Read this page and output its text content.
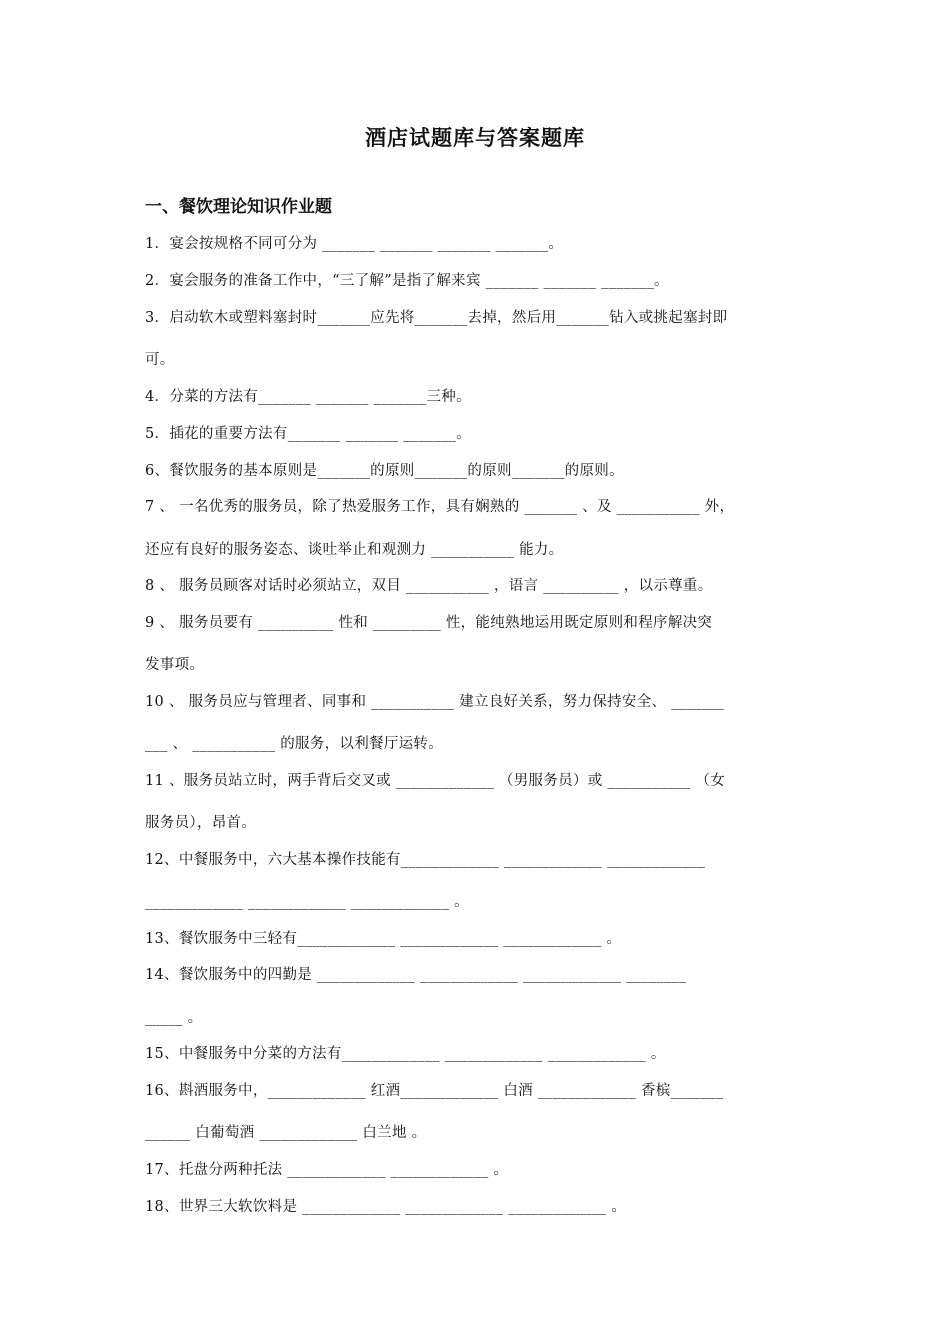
酒店试题库与答案题库
一、餐饮理论知识作业题
1．宴会按规格不同可分为 _______ _______ _______ _______。
2．宴会服务的准备工作中，“三了解”是指了解来宾 _______ _______ _______。
3．启动软木或塑料塞封时_______应先将_______去掉，然后用_______钻入或挑起塞封即
可。
4．分菜的方法有_______ _______ _______三种。
5．插花的重要方法有_______ _______ _______。
6、餐饮服务的基本原则是_______的原则_______的原则_______的原则。
7 、 一名优秀的服务员，除了热爱服务工作，具有娴熟的 _______ 、及 ___________ 外，
还应有良好的服务姿态、谈吐举止和观测力 ___________ 能力。
8 、 服务员顾客对话时必须站立，双目 ___________ ，语言 __________ ，以示尊重。
9 、 服务员要有 __________ 性和 _________ 性，能纯熟地运用既定原则和程序解决突
发事项。
10 、 服务员应与管理者、同事和 ___________ 建立良好关系，努力保持安全、 _______
___ 、 ___________ 的服务，以利餐厅运转。
11 、服务员站立时，两手背后交叉或 _____________ （男服务员）或 ___________ （女
服务员），昂首。
12、中餐服务中，六大基本操作技能有_____________ _____________ _____________
_____________ _____________ _____________ 。
13、餐饮服务中三轻有_____________ _____________ _____________ 。
14、餐饮服务中的四勤是 _____________ _____________ _____________ ________
_____ 。
15、中餐服务中分菜的方法有_____________ _____________ _____________ 。
16、斟酒服务中，_____________ 红酒_____________ 白酒 _____________ 香槟_______
______ 白葡萄酒 _____________ 白兰地 。
17、托盘分两种托法 _____________ _____________ 。
18、世界三大软饮料是 _____________ _____________ _____________ 。
